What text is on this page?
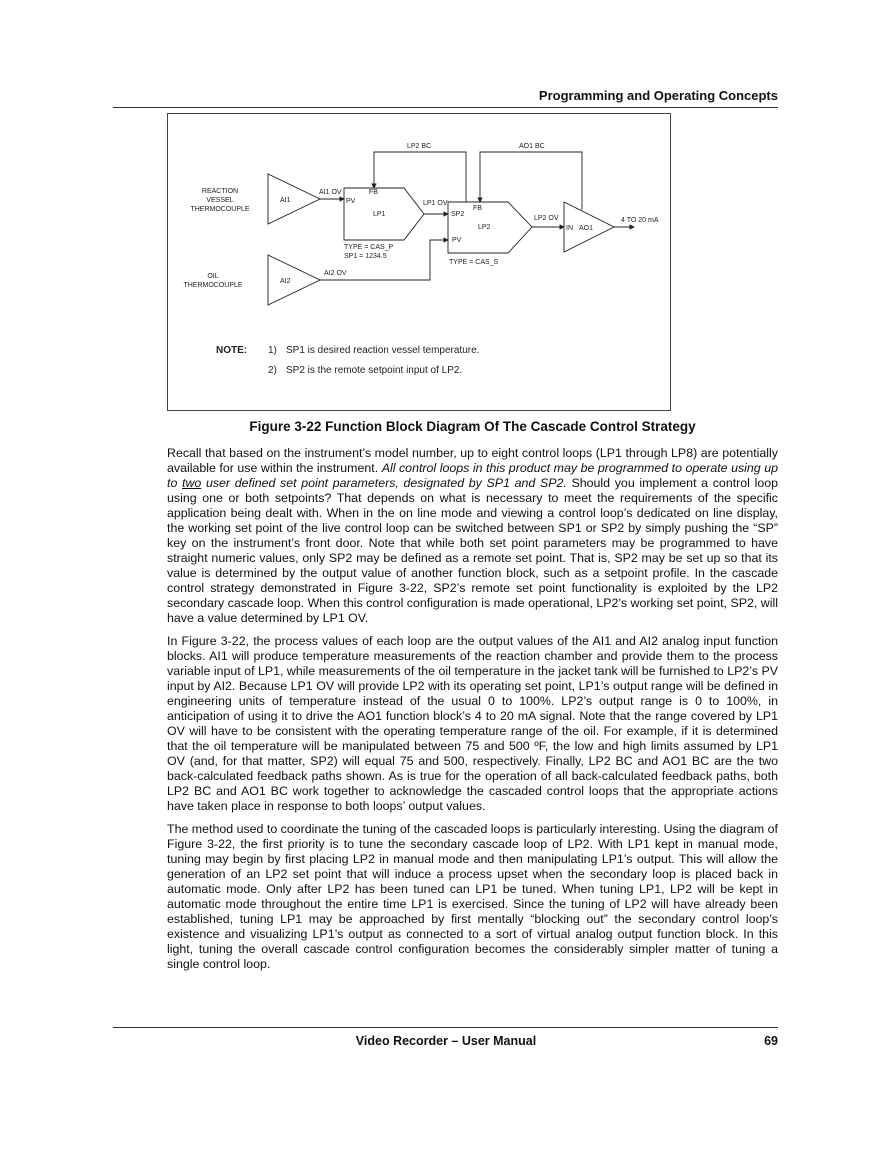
Programming and Operating Concepts
REACTION
VESSEL
THERMOCOUPLE
OIL
THERMOCOUPLE
AI1
AI2
AI1 OV
AI2 OV
PV
FB
LP1
LP1 OV
TYPE = CAS_P
SP1 = 1234.5
SP2
PV
FB
LP2
TYPE = CAS_S
LP2 OV
LP2 BC	AO1 BC
IN AO1
4 TO 20 mA
NOTE: 1) SP1 is desired reaction vessel temperature.
2) SP2 is the remote setpoint input of LP2.
Figure 3-22 Function Block Diagram Of The Cascade Control Strategy

Recall that based on the instrument’s model number, up to eight control loops (LP1 through LP8) are potentially available for use within the instrument. All control loops in this product may be programmed to operate using up to two user defined set point parameters, designated by SP1 and SP2. Should you implement a control loop using one or both setpoints? That depends on what is necessary to meet the requirements of the specific application being dealt with. When in the on line mode and viewing a control loop’s dedicated on line display, the working set point of the live control loop can be switched between SP1 or SP2 by simply pushing the “SP” key on the instrument’s front door. Note that while both set point parameters may be programmed to have straight numeric values, only SP2 may be defined as a remote set point. That is, SP2 may be set up so that its value is determined by the output value of another function block, such as a setpoint profile. In the cascade control strategy demonstrated in Figure 3-22, SP2’s remote set point functionality is exploited by the LP2 secondary cascade loop. When this control configuration is made operational, LP2’s working set point, SP2, will have a value determined by LP1 OV.

In Figure 3-22, the process values of each loop are the output values of the AI1 and AI2 analog input function blocks. AI1 will produce temperature measurements of the reaction chamber and provide them to the process variable input of LP1, while measurements of the oil temperature in the jacket tank will be furnished to LP2’s PV input by AI2. Because LP1 OV will provide LP2 with its operating set point, LP1’s output range will be defined in engineering units of temperature instead of the usual 0 to 100%. LP2’s output range is 0 to 100%, in anticipation of using it to drive the AO1 function block’s 4 to 20 mA signal. Note that the range covered by LP1 OV will have to be consistent with the operating temperature range of the oil. For example, if it is determined that the oil temperature will be manipulated between 75 and 500 ºF, the low and high limits assumed by LP1 OV (and, for that matter, SP2) will equal 75 and 500, respectively. Finally, LP2 BC and AO1 BC are the two back-calculated feedback paths shown. As is true for the operation of all back-calculated feedback paths, both LP2 BC and AO1 BC work together to acknowledge the cascaded control loops that the appropriate actions have taken place in response to both loops’ output values.

The method used to coordinate the tuning of the cascaded loops is particularly interesting. Using the diagram of Figure 3-22, the first priority is to tune the secondary cascade loop of LP2. With LP1 kept in manual mode, tuning may begin by first placing LP2 in manual mode and then manipulating LP1’s output. This will allow the generation of an LP2 set point that will induce a process upset when the secondary loop is placed back in automatic mode. Only after LP2 has been tuned can LP1 be tuned. When tuning LP1, LP2 will be kept in automatic mode throughout the entire time LP1 is exercised. Since the tuning of LP2 will have already been established, tuning LP1 may be approached by first mentally “blocking out” the secondary control loop’s existence and visualizing LP1’s output as connected to a sort of virtual analog output function block. In this light, tuning the overall cascade control configuration becomes the considerably simpler matter of tuning a single control loop.

Video Recorder – User Manual	69
